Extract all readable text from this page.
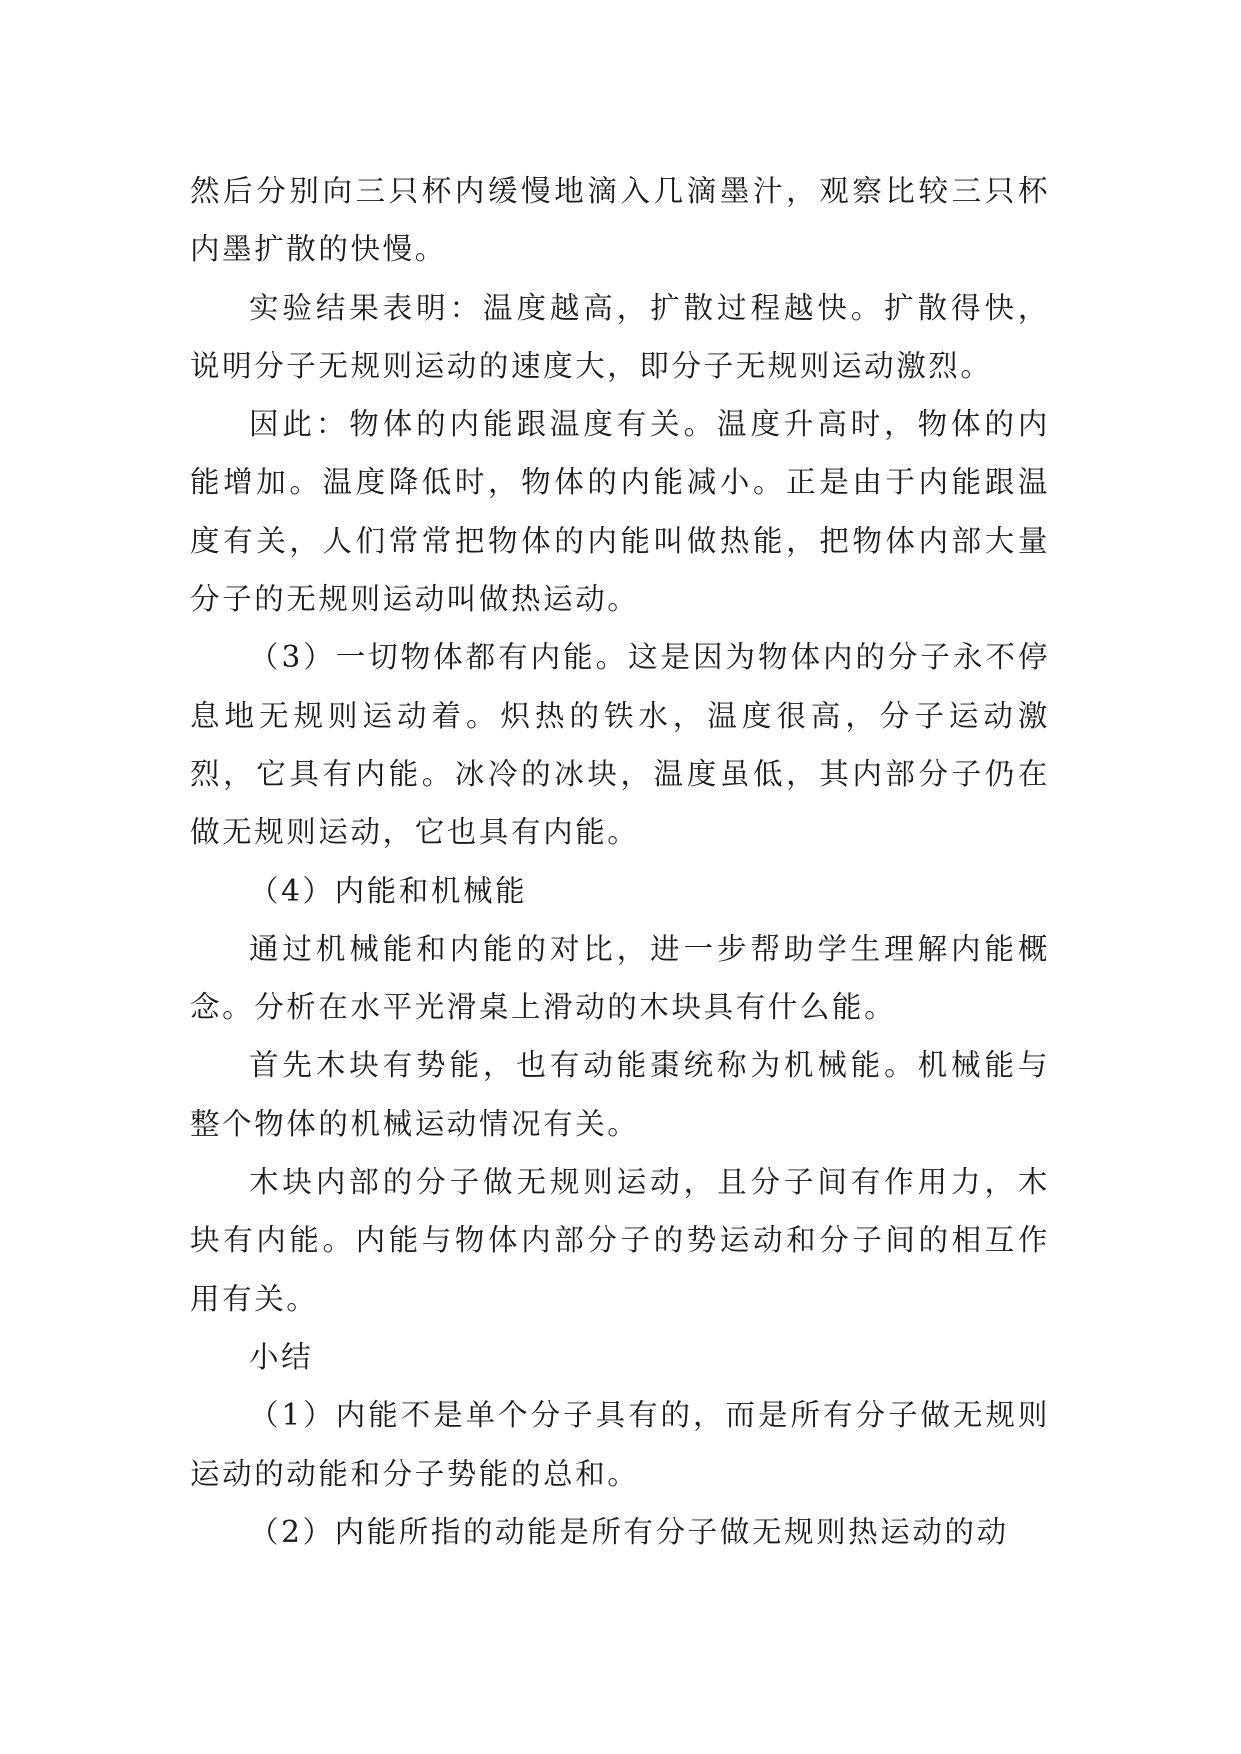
然后分别向三只杯内缓慢地滴入几滴墨汁，观察比较三只杯内墨扩散的快慢。

实验结果表明：温度越高，扩散过程越快。扩散得快，说明分子无规则运动的速度大，即分子无规则运动激烈。

因此：物体的内能跟温度有关。温度升高时，物体的内能增加。温度降低时，物体的内能减小。正是由于内能跟温度有关，人们常常把物体的内能叫做热能，把物体内部大量分子的无规则运动叫做热运动。

（3）一切物体都有内能。这是因为物体内的分子永不停息地无规则运动着。炽热的铁水，温度很高，分子运动激烈，它具有内能。冰冷的冰块，温度虽低，其内部分子仍在做无规则运动，它也具有内能。

（4）内能和机械能

通过机械能和内能的对比，进一步帮助学生理解内能概念。分析在水平光滑桌上滑动的木块具有什么能。

首先木块有势能，也有动能棗统称为机械能。机械能与整个物体的机械运动情况有关。

木块内部的分子做无规则运动，且分子间有作用力，木块有内能。内能与物体内部分子的势运动和分子间的相互作用有关。

小结

（1）内能不是单个分子具有的，而是所有分子做无规则运动的动能和分子势能的总和。

（2）内能所指的动能是所有分子做无规则热运动的动
